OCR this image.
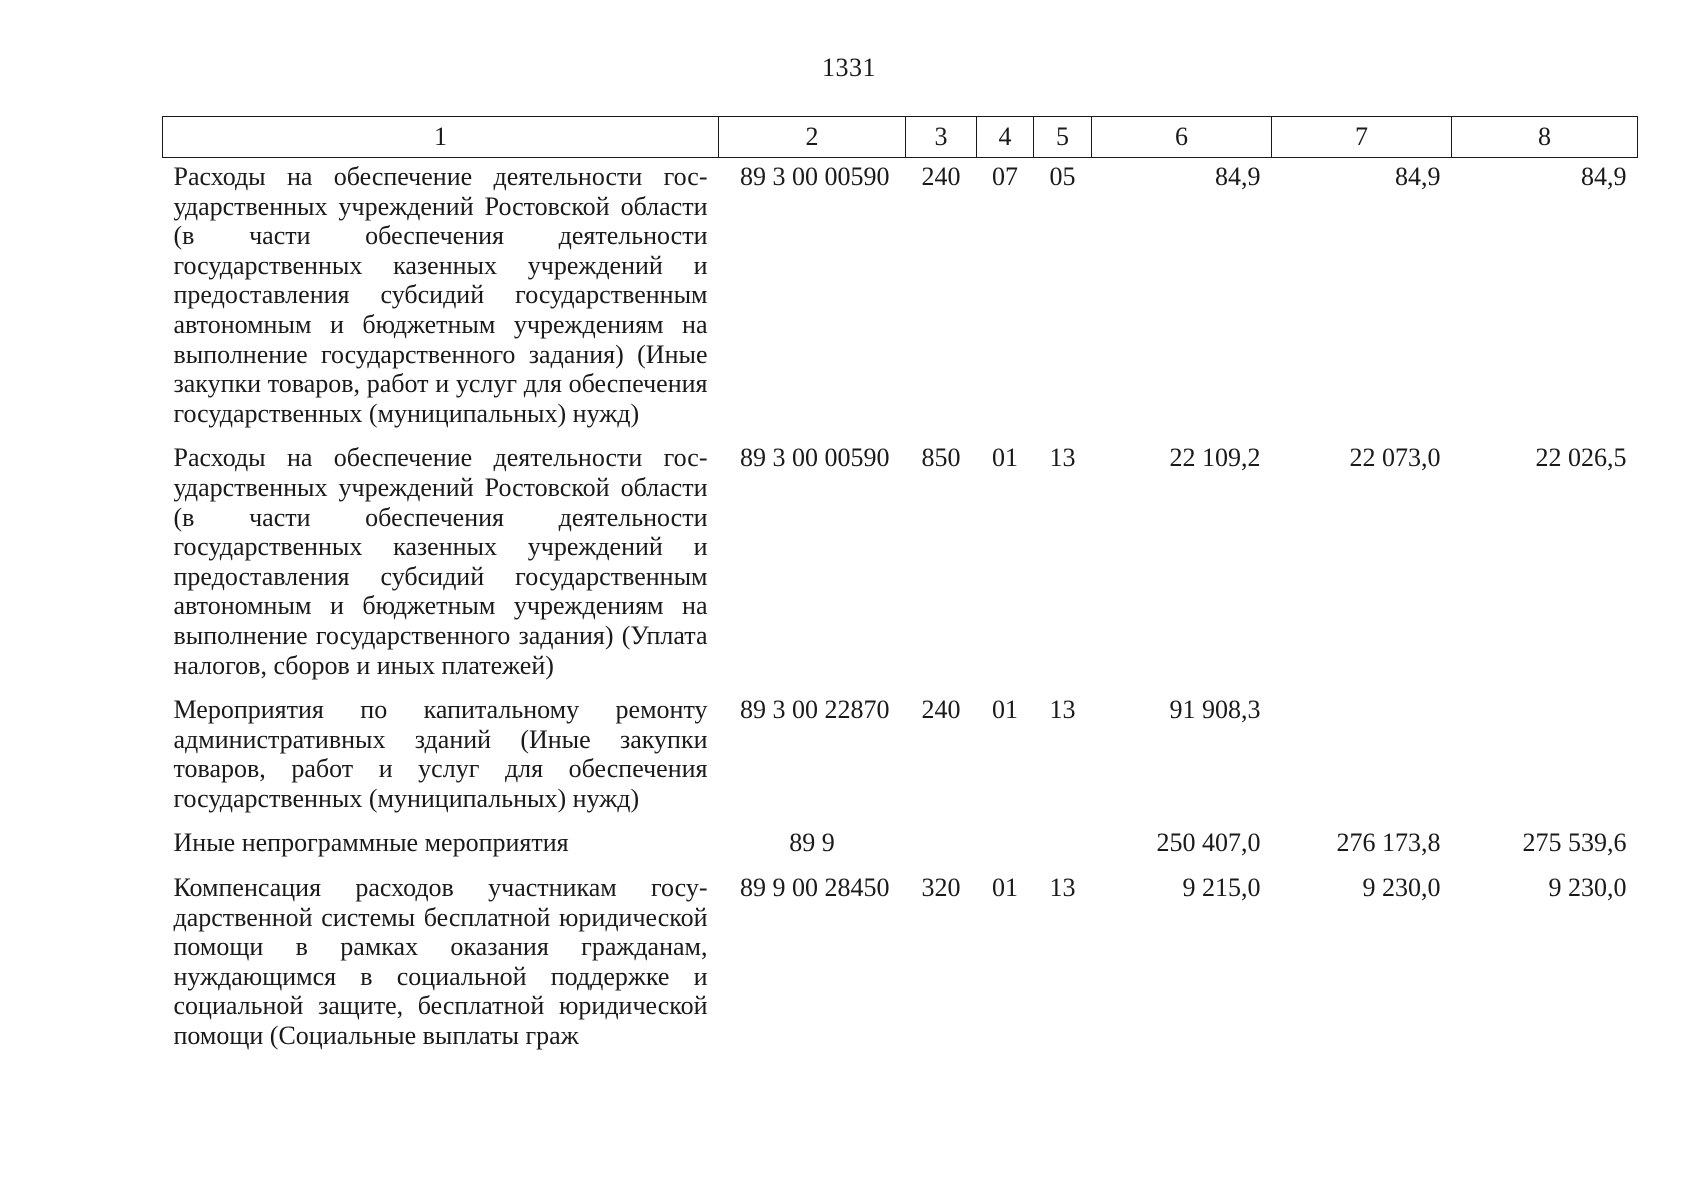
1331
1	2	3	4	5	6	7	8
Расходы на обеспечение деятельности государственных учреждений Ростовской области (в части обеспечения деятельности государственных казенных учреждений и предоставления субсидий государственным автономным и бюджетным учреждениям на выполнение государственного задания) (Иные закупки товаров, работ и услуг для обеспечения государственных (муниципальных) нужд)	89 3 00 00590	240	07	05	84,9	84,9	84,9
Расходы на обеспечение деятельности государственных учреждений Ростовской области (в части обеспечения деятельности государственных казенных учреждений и предоставления субсидий государственным автономным и бюджетным учреждениям на выполнение государственного задания) (Уплата налогов, сборов и иных платежей)	89 3 00 00590	850	01	13	22 109,2	22 073,0	22 026,5
Мероприятия по капитальному ремонту административных зданий (Иные закупки товаров, работ и услуг для обеспечения государственных (муниципальных) нужд)	89 3 00 22870	240	01	13	91 908,3		
Иные непрограммные мероприятия	89 9				250 407,0	276 173,8	275 539,6
Компенсация расходов участникам государственной системы бесплатной юридической помощи в рамках оказания гражданам, нуждающимся в социальной поддержке и социальной защите, бесплатной юридической помощи (Социальные выплаты граж	89 9 00 28450	320	01	13	9 215,0	9 230,0	9 230,0
